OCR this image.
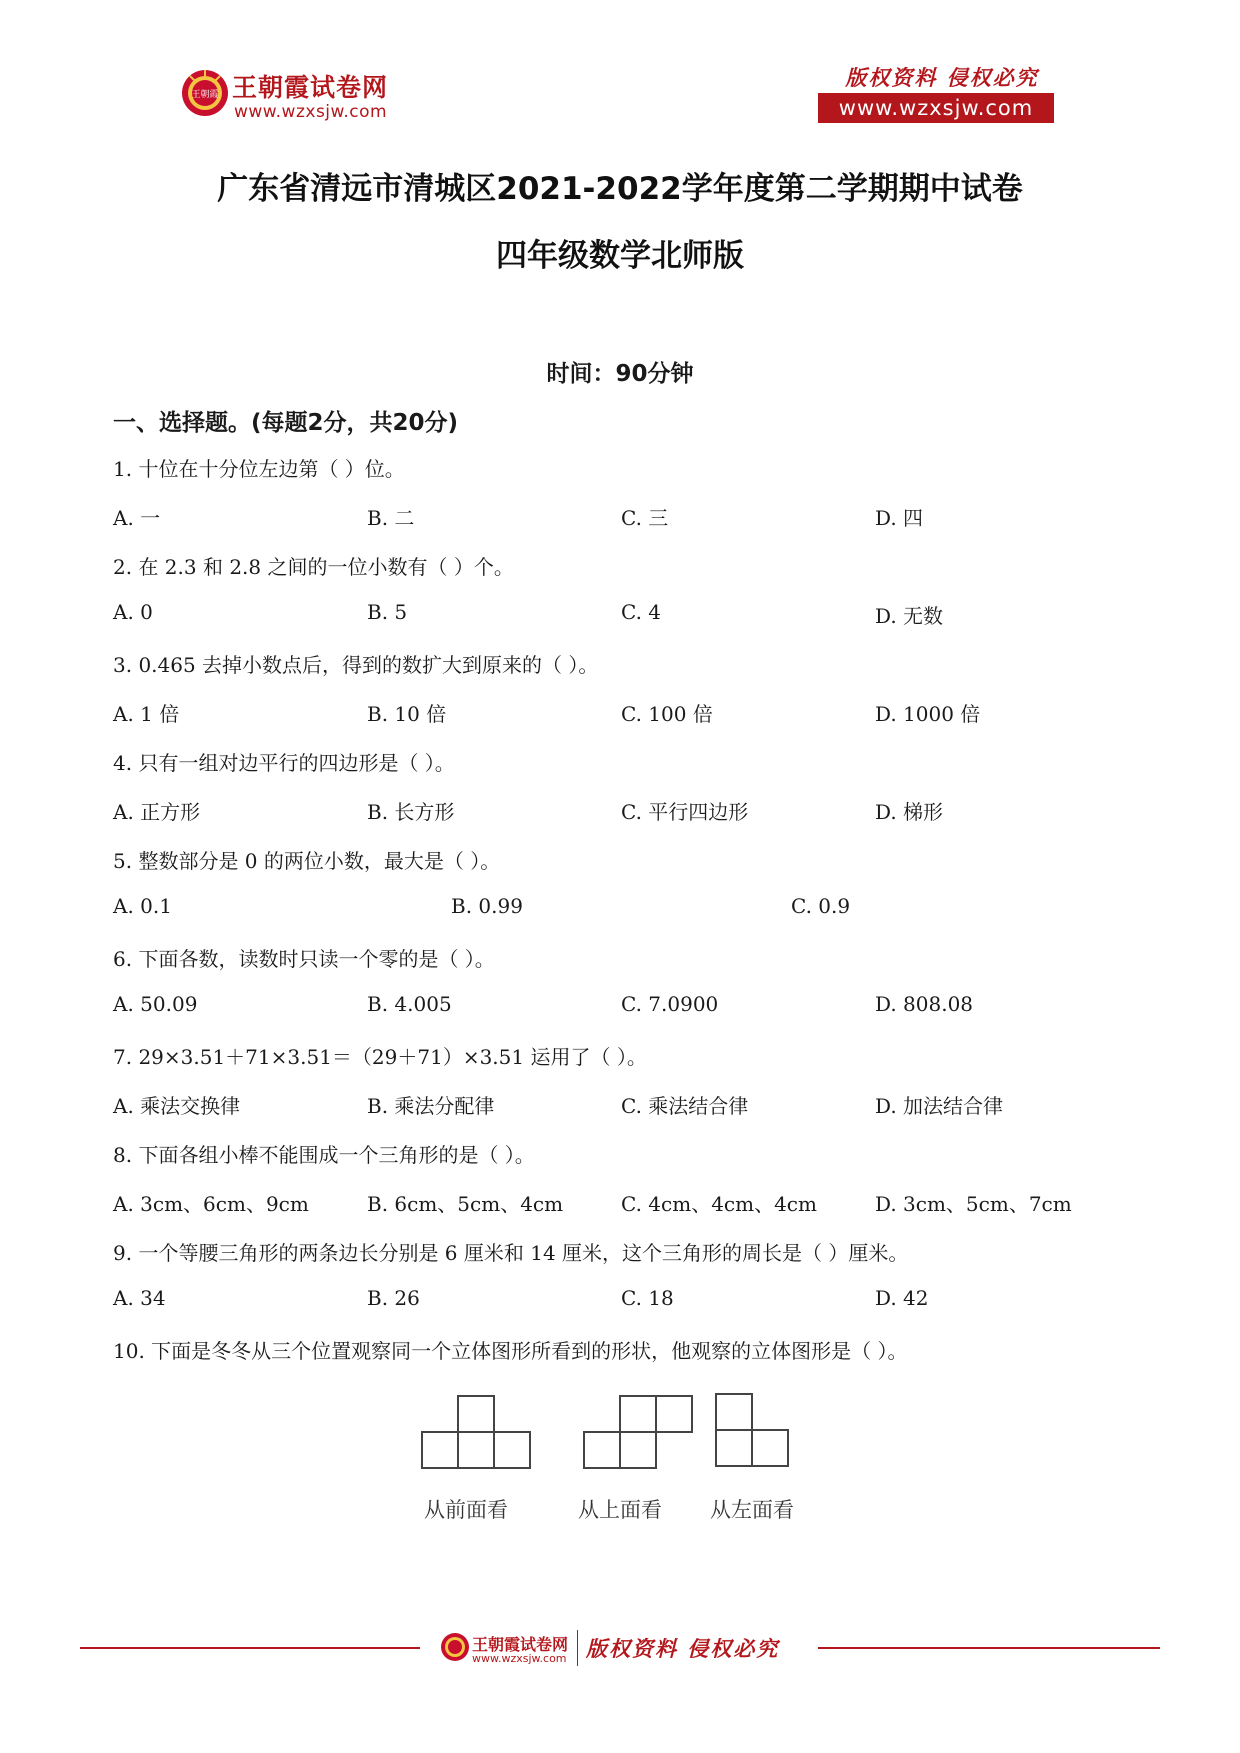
王朝霞 王朝霞试卷网
www.wzxsjw.com
版权资料 侵权必究
www.wzxsjw.com
广东省清远市清城区2021-2022学年度第二学期期中试卷
四年级数学北师版
时间：90分钟
一、选择题。(每题2分，共20分)
1. 十位在十分位左边第（ ）位。
A. 一	B. 二	C. 三	D. 四
2. 在 2.3 和 2.8 之间的一位小数有（ ）个。
A. 0	B. 5	C. 4	D. 无数
3. 0.465 去掉小数点后，得到的数扩大到原来的（ ）。
A. 1 倍	B. 10 倍	C. 100 倍	D. 1000 倍
4. 只有一组对边平行的四边形是（ ）。
A. 正方形	B. 长方形	C. 平行四边形	D. 梯形
5. 整数部分是 0 的两位小数，最大是（ ）。
A. 0.1	B. 0.99	C. 0.9
6. 下面各数，读数时只读一个零的是（ ）。
A. 50.09	B. 4.005	C. 7.0900	D. 808.08
7. 29×3.51＋71×3.51＝（29＋71）×3.51 运用了（ ）。
A. 乘法交换律	B. 乘法分配律	C. 乘法结合律	D. 加法结合律
8. 下面各组小棒不能围成一个三角形的是（ ）。
A. 3cm、6cm、9cm	B. 6cm、5cm、4cm	C. 4cm、4cm、4cm	D. 3cm、5cm、7cm
9. 一个等腰三角形的两条边长分别是 6 厘米和 14 厘米，这个三角形的周长是（ ）厘米。
A. 34	B. 26	C. 18	D. 42
10. 下面是冬冬从三个位置观察同一个立体图形所看到的形状，他观察的立体图形是（ ）。
从前面看	从上面看	从左面看
王朝霞试卷网
www.wzxsjw.com 版权资料 侵权必究
